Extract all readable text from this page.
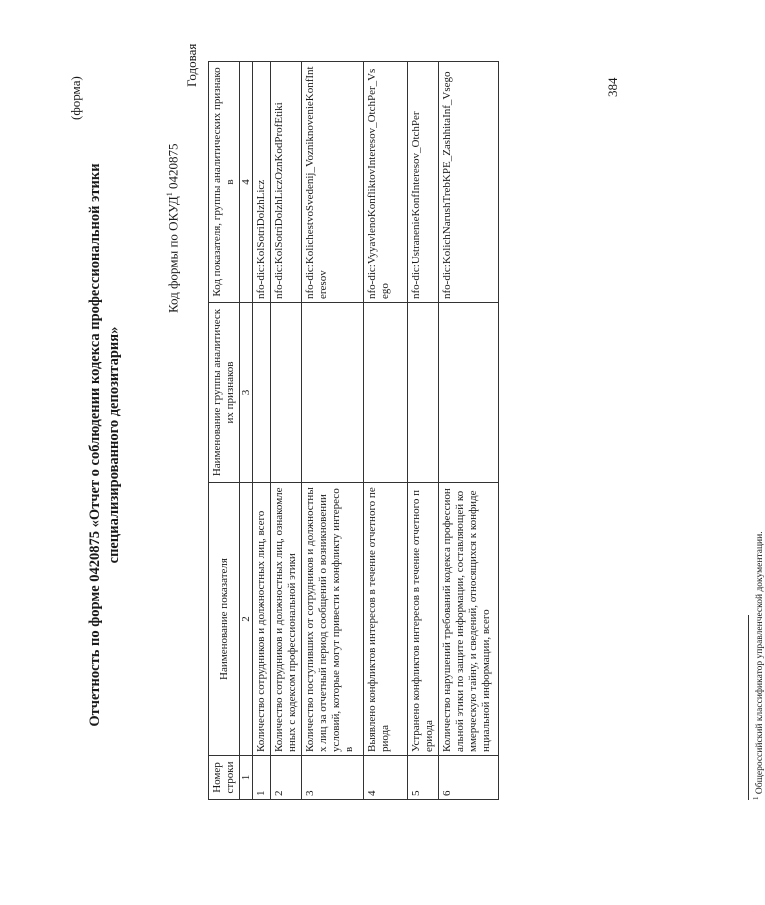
(форма)
Отчетность по форме 0420875 «Отчет о соблюдении кодекса профессиональной этики специализированного депозитария»
Код формы по ОКУД$^1$ 0420875
Годовая
Номер строки	Наименование показателя	Наименование группы аналитических признаков	Код показателя, группы аналитических признаков
1	2	3	4
1	Количество сотрудников и должностных лиц, всего		nfo-dic:KolSotriDolzhLicz
2	Количество сотрудников и должностных лиц, ознакомленных с кодексом профессиональной этики		nfo-dic:KolSotriDolzhLiczOznKodProfEtiki
3	Количество поступивших от сотрудников и должностных лиц за отчетный период сообщений о возникновении условий, которые могут привести к конфликту интересов		nfo-dic:KolichestvoSvedenij_VozniknovenieKonfInteresov
4	Выявлено конфликтов интересов в течение отчетного периода		nfo-dic:VyyavlenoKonfliktovInteresov_OtchPer_Vsego
5	Устранено конфликтов интересов в течение отчетного периода		nfo-dic:UstranenieKonfInteresov_OtchPer
6	Количество нарушений требований кодекса профессиональной этики по защите информации, составляющей коммерческую тайну, и сведений, относящихся к конфиденциальной информации, всего		nfo-dic:KolichNarushTrebKPE_ZashhitaInf_Vsego
$^1$ Общероссийский классификатор управленческой документации.
384
